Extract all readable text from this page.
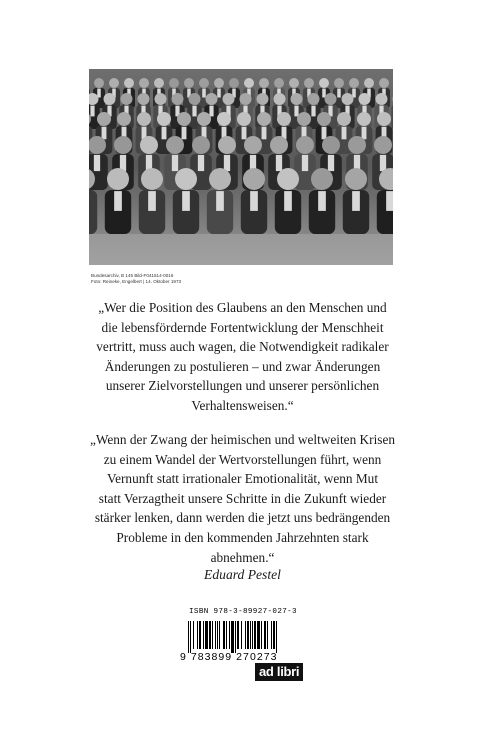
Bundesarchiv, B 145 Bild-F041514-0016
Foto: Reineke, Engelbert | 14. Oktober 1973
„Wer die Position des Glaubens an den Menschen und
die lebensfördernde Fortentwicklung der Menschheit
vertritt, muss auch wagen, die Notwendigkeit radikaler
Änderungen zu postulieren – und zwar Änderungen
unserer Zielvorstellungen und unserer persönlichen
Verhaltensweisen.“
„Wenn der Zwang der heimischen und weltweiten Krisen
zu einem Wandel der Wertvorstellungen führt, wenn
Vernunft statt irrationaler Emotionalität, wenn Mut
statt Verzagtheit unsere Schritte in die Zukunft wieder
stärker lenken, dann werden die jetzt uns bedrängenden
Probleme in den kommenden Jahrzehnten stark
abnehmen.“
Eduard Pestel
ISBN 978-3-89927-027-3
9 783899 270273
ad libri
